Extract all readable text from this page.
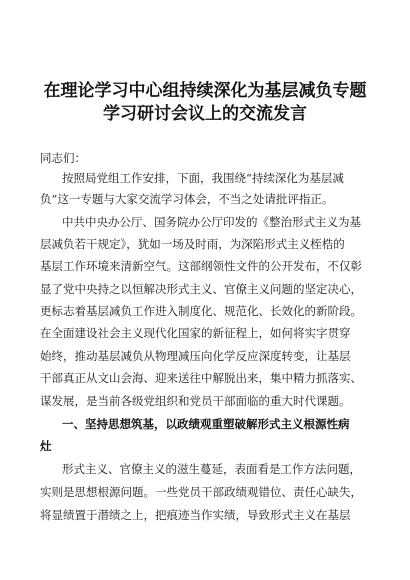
在理论学习中心组持续深化为基层减负专题
学习研讨会议上的交流发言
同志们：
按照局党组工作安排，下面，我围绕“持续深化为基层减
负”这一专题与大家交流学习体会，不当之处请批评指正。
中共中央办公厅、国务院办公厅印发的《整治形式主义为基
层减负若干规定》，犹如一场及时雨，为深陷形式主义桎梏的
基层工作环境来清新空气。这部纲领性文件的公开发布，不仅彰
显了党中央持之以恒解决形式主义、官僚主义问题的坚定决心，
更标志着基层减负工作进入制度化、规范化、长效化的新阶段。
在全面建设社会主义现代化国家的新征程上，如何将实字贯穿
始终，推动基层减负从物理减压向化学反应深度转变，让基层
干部真正从文山会海、迎来送往中解脱出来，集中精力抓落实、
谋发展，是当前各级党组织和党员干部面临的重大时代课题。
一、坚持思想筑基，以政绩观重塑破解形式主义根源性病
灶
形式主义、官僚主义的滋生蔓延，表面看是工作方法问题，
实则是思想根源问题。一些党员干部政绩观错位、责任心缺失，
将显绩置于潜绩之上，把痕迹当作实绩，导致形式主义在基层
